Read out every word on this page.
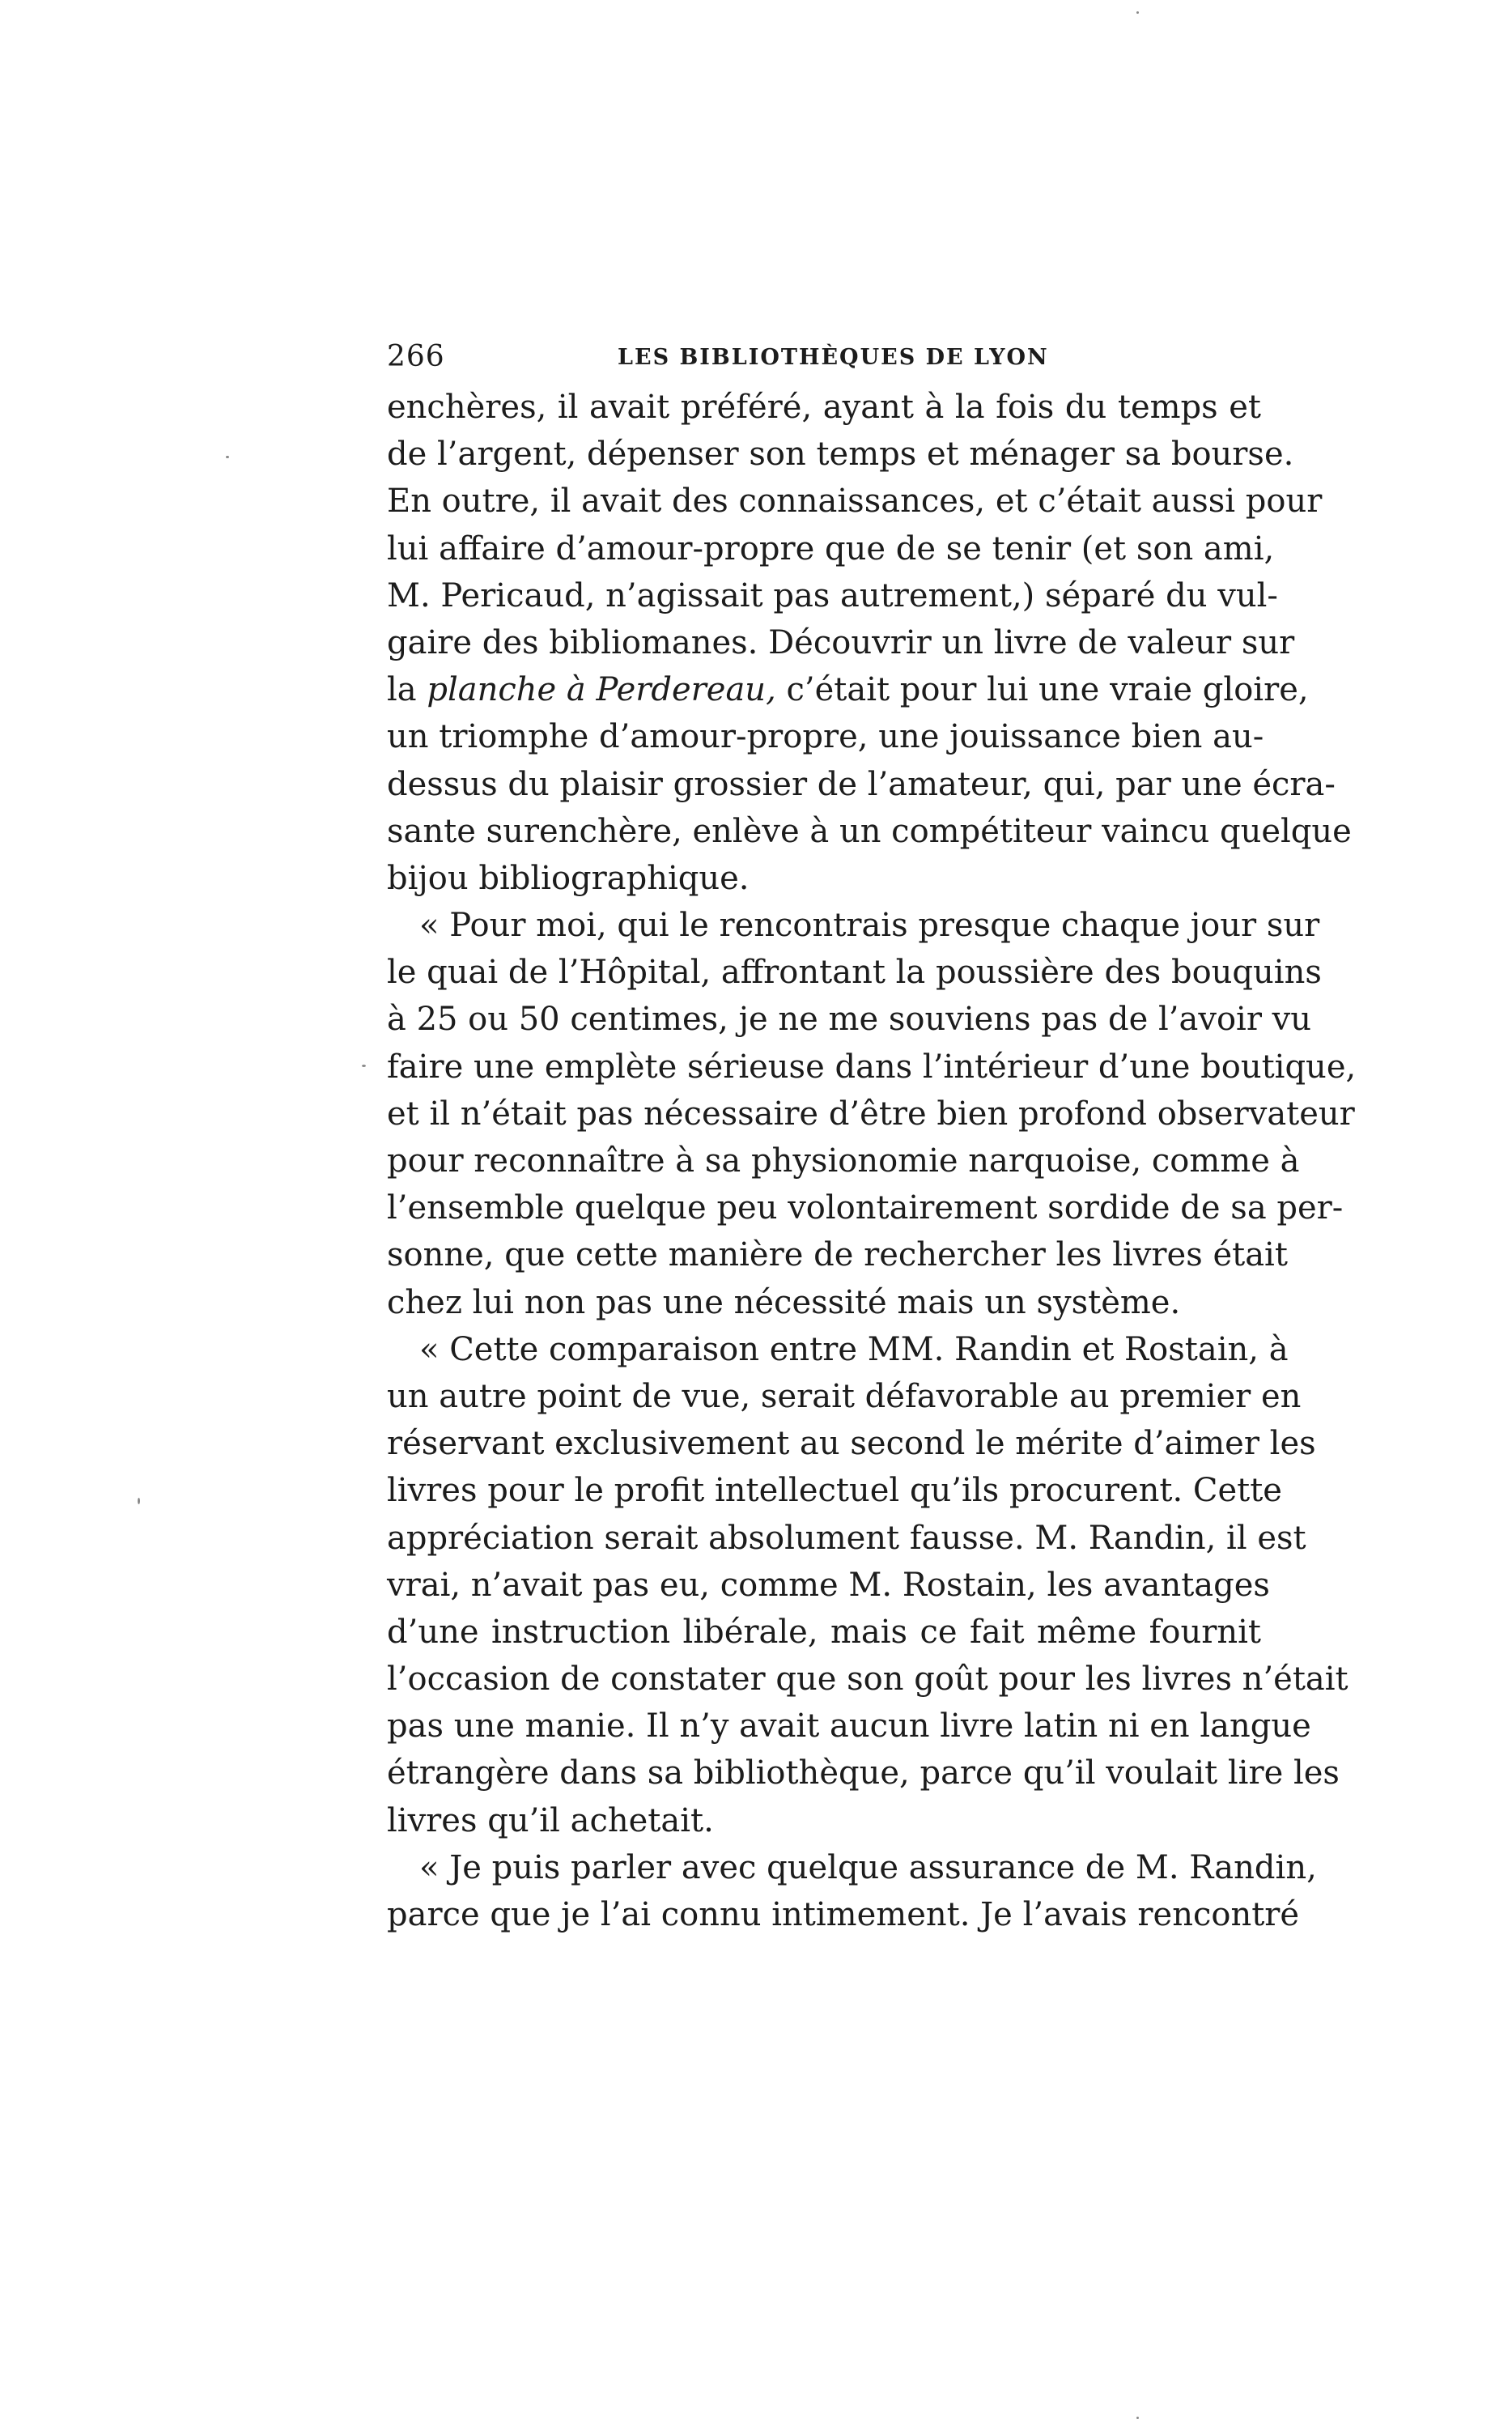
266	LES BIBLIOTHÈQUES DE LYON
enchères, il avait préféré, ayant à la fois du temps et
de l’argent, dépenser son temps et ménager sa bourse.
En outre, il avait des connaissances, et c’était aussi pour
lui affaire d’amour-propre que de se tenir (et son ami,
M. Pericaud, n’agissait pas autrement,) séparé du vul-
gaire des bibliomanes. Découvrir un livre de valeur sur
la planche à Perdereau, c’était pour lui une vraie gloire,
un triomphe d’amour-propre, une jouissance bien au-
dessus du plaisir grossier de l’amateur, qui, par une écra-
sante surenchère, enlève à un compétiteur vaincu quelque
bijou bibliographique.
« Pour moi, qui le rencontrais presque chaque jour sur
le quai de l’Hôpital, affrontant la poussière des bouquins
à 25 ou 50 centimes, je ne me souviens pas de l’avoir vu
faire une emplète sérieuse dans l’intérieur d’une boutique,
et il n’était pas nécessaire d’être bien profond observateur
pour reconnaître à sa physionomie narquoise, comme à
l’ensemble quelque peu volontairement sordide de sa per-
sonne, que cette manière de rechercher les livres était
chez lui non pas une nécessité mais un système.
« Cette comparaison entre MM. Randin et Rostain, à
un autre point de vue, serait défavorable au premier en
réservant exclusivement au second le mérite d’aimer les
livres pour le profit intellectuel qu’ils procurent. Cette
appréciation serait absolument fausse. M. Randin, il est
vrai, n’avait pas eu, comme M. Rostain, les avantages
d’une instruction libérale, mais ce fait même fournit
l’occasion de constater que son goût pour les livres n’était
pas une manie. Il n’y avait aucun livre latin ni en langue
étrangère dans sa bibliothèque, parce qu’il voulait lire les
livres qu’il achetait.
« Je puis parler avec quelque assurance de M. Randin,
parce que je l’ai connu intimement. Je l’avais rencontré
